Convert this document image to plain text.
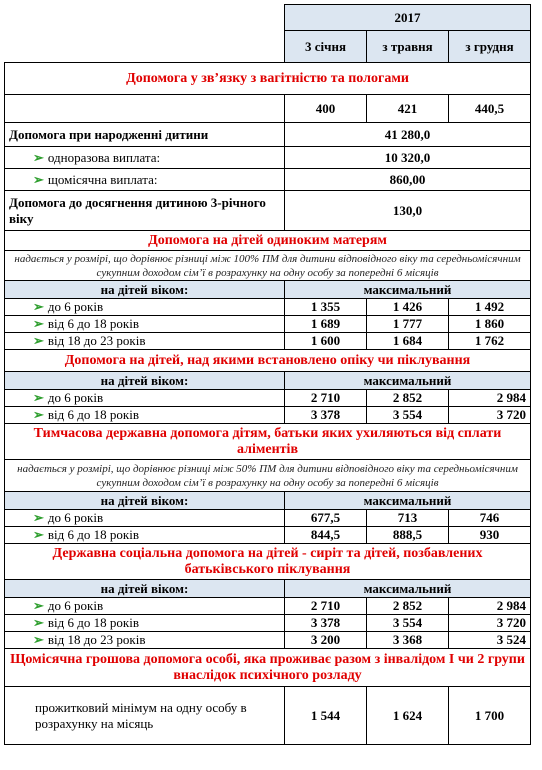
	2017		
	3 січня	з травня	з грудня
Допомога у зв’язку з вагітністю та пологами			
	400	421	440,5
Допомога при народженні дитини	41 280,0		
➢ одноразова виплата:	10 320,0		
➢ щомісячна виплата:	860,00		
Допомога до досягнення дитиною 3-річного віку	130,0		
Допомога на дітей одиноким матерям			
надається у розмірі, що дорівнює різниці між 100% ПМ для дитини відповідного віку та середньомісячним сукупним доходом сім’ї в розрахунку на одну особу за попередні 6 місяців			
на дітей віком:	максимальний		
➢ до 6 років	1 355	1 426	1 492
➢ від 6 до 18 років	1 689	1 777	1 860
➢ від 18 до 23 років	1 600	1 684	1 762
Допомога на дітей, над якими встановлено опіку чи піклування			
на дітей віком:	максимальний		
➢ до 6 років	2 710	2 852	2 984
➢ від 6 до 18 років	3 378	3 554	3 720
Тимчасова державна допомога дітям, батьки яких ухиляються від сплати аліментів			
надається у розмірі, що дорівнює різниці між 50% ПМ для дитини відповідного віку та середньомісячним сукупним доходом сім’ї в розрахунку на одну особу за попередні 6 місяців			
на дітей віком:	максимальний		
➢ до 6 років	677,5	713	746
➢ від 6 до 18 років	844,5	888,5	930
Державна соціальна допомога на дітей - сиріт та дітей, позбавлених батьківського піклування			
на дітей віком:	максимальний		
➢ до 6 років	2 710	2 852	2 984
➢ від 6 до 18 років	3 378	3 554	3 720
➢ від 18 до 23 років	3 200	3 368	3 524
Щомісячна грошова допомога особі, яка проживає разом з інвалідом І чи 2 групи внаслідок психічного розладу			
прожитковий мінімум на одну особу в розрахунку на місяць	1 544	1 624	1 700
